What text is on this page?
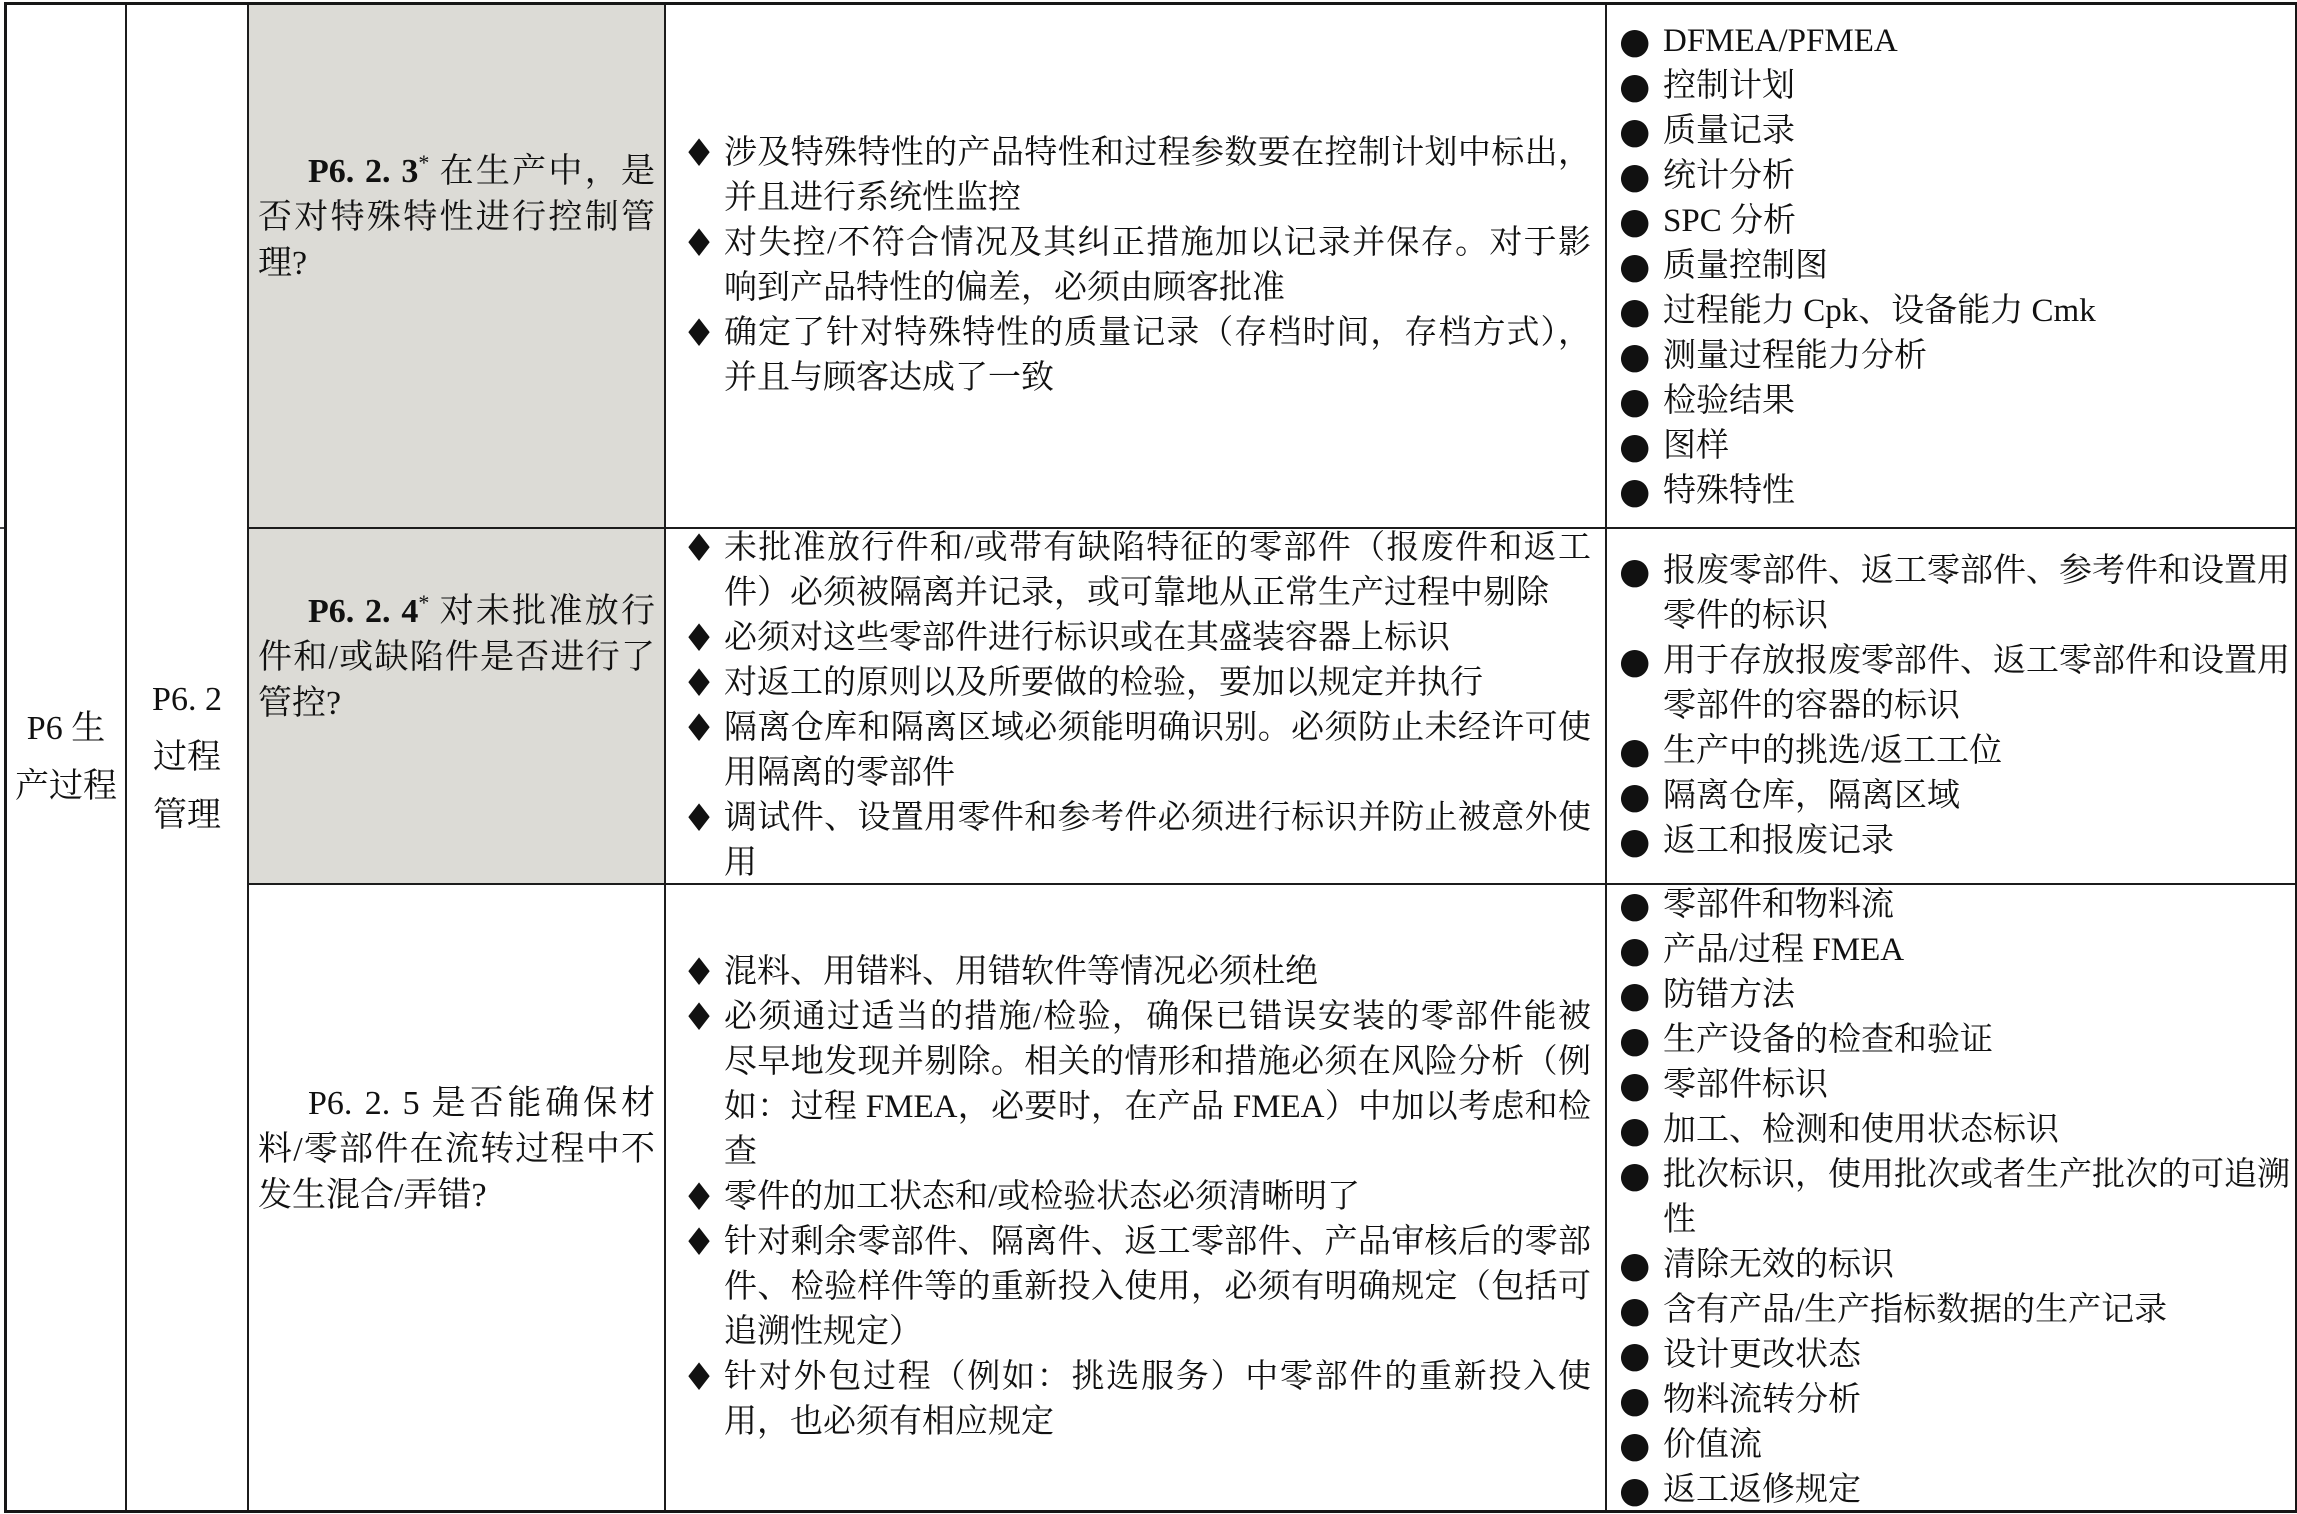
P6 生产过程
P6. 2 过程管理

P6. 2. 3* 在生产中，是否对特殊特性进行控制管理?

♦ 涉及特殊特性的产品特性和过程参数要在控制计划中标出，并且进行系统性监控
♦ 对失控/不符合情况及其纠正措施加以记录并保存。对于影响到产品特性的偏差，必须由顾客批准
♦ 确定了针对特殊特性的质量记录（存档时间，存档方式），并且与顾客达成了一致
● DFMEA/PFMEA
● 控制计划
● 质量记录
● 统计分析
● SPC 分析
● 质量控制图
● 过程能力 Cpk、设备能力 Cmk
● 测量过程能力分析
● 检验结果
● 图样
● 特殊特性

P6. 2. 4* 对未批准放行件和/或缺陷件是否进行了管控?

♦ 未批准放行件和/或带有缺陷特征的零部件（报废件和返工件）必须被隔离并记录，或可靠地从正常生产过程中剔除
♦ 必须对这些零部件进行标识或在其盛装容器上标识
♦ 对返工的原则以及所要做的检验，要加以规定并执行
♦ 隔离仓库和隔离区域必须能明确识别。必须防止未经许可使用隔离的零部件
♦ 调试件、设置用零件和参考件必须进行标识并防止被意外使用
● 报废零部件、返工零部件、参考件和设置用零件的标识
● 用于存放报废零部件、返工零部件和设置用零部件的容器的标识
● 生产中的挑选/返工工位
● 隔离仓库，隔离区域
● 返工和报废记录

P6. 2. 5 是否能确保材料/零部件在流转过程中不发生混合/弄错?

♦ 混料、用错料、用错软件等情况必须杜绝
♦ 必须通过适当的措施/检验，确保已错误安装的零部件能被尽早地发现并剔除。相关的情形和措施必须在风险分析（例如：过程 FMEA，必要时，在产品 FMEA）中加以考虑和检查
♦ 零件的加工状态和/或检验状态必须清晰明了
♦ 针对剩余零部件、隔离件、返工零部件、产品审核后的零部件、检验样件等的重新投入使用，必须有明确规定（包括可追溯性规定）
♦ 针对外包过程（例如：挑选服务）中零部件的重新投入使用，也必须有相应规定
● 零部件和物料流
● 产品/过程 FMEA
● 防错方法
● 生产设备的检查和验证
● 零部件标识
● 加工、检测和使用状态标识
● 批次标识，使用批次或者生产批次的可追溯性
● 清除无效的标识
● 含有产品/生产指标数据的生产记录
● 设计更改状态
● 物料流转分析
● 价值流
● 返工返修规定
